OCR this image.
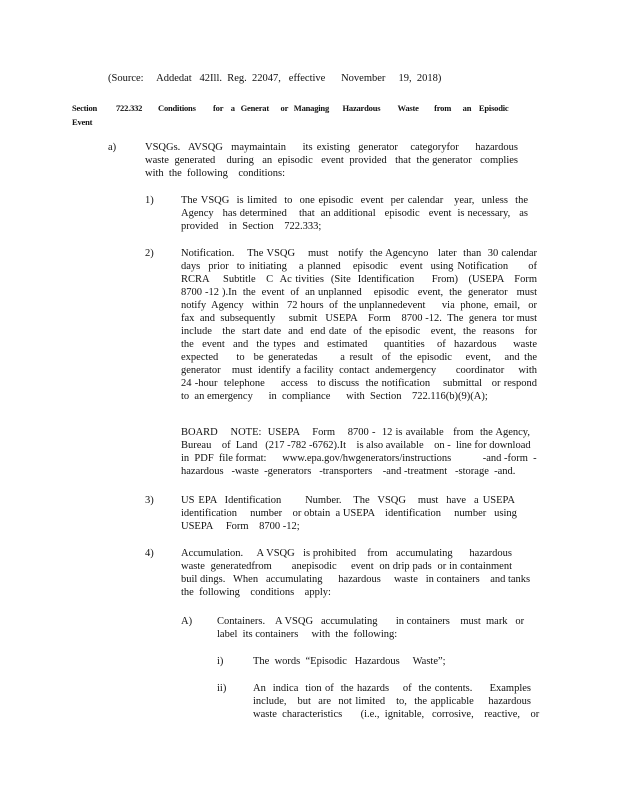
(Source:     Addedat   42Ill.  Reg.  22047,   effective      November     19,  2018)
Section 722.332 Conditions         for    a   Generat      or   Managing       Hazardous         Waste        from      an    Episodic
Event
a)	VSQGs.  AVSQG  maymaintain    its existing  generator   categoryfor    hazardous
waste  generated    during   an  episodic   event  provided   that  the generator   complies
with  the  following    conditions:
1)	The VSQG  is limited  to  one episodic  event  per calendar   year,  unless  the
Agency   has determined    that  an additional   episodic   event  is necessary,   as
provided    in  Section    722.333;
2)	Notification.    The VSQG    must   notify  the Agencyno   later  than  30 calendar
days  prior  to initiating   a planned   episodic   event  using Notification     of
RCRA    Subtitle   C  Ac tivities  (Site  Identification     From)   (USEPA   Form
8700 -12 ).In  the  event  of  an unplanned    episodic   event,  the  generator   must
notify  Agency   within   72 hours  of  the unplannedevent      via  phone,  email,   or
fax  and  subsequently     submit   USEPA    Form    8700 -12.  The  genera  tor must
include   the  start date  and  end date  of  the episodic   event,  the  reasons   for
the  event  and  the types  and  estimated    quantities   of  hazardous    waste
expected    to  be generatedas     a result  of  the episodic   event,   and the
generator    must  identify  a facility  contact  andemergency       coordinator     with
24 -hour  telephone     access   to discuss  the notification    submittal   or respond
to  an emergency      in  compliance      with  Section    722.116(b)(9)(A);
BOARD    NOTE:  USEPA    Form    8700 -  12 is available   from  the Agency,
Bureau    of  Land   (217 -782 -6762).It    is also available    on -  line for download
in  PDF  file format:      www.epa.gov/hwgenerators/instructions            -and -form  -
hazardous   -waste  -generators   -transporters    -and -treatment   -storage  -and.
3)	US EPA  Identification      Number.   The  VSQG   must  have  a USEPA
identification     number    or obtain  a USEPA    identification     number   using
USEPA     Form    8700 -12;
4)	Accumulation.     A VSQG   is prohibited    from   accumulating      hazardous
waste  generatedfrom       anepisodic     event  on drip pads  or in containment
buil dings.   When   accumulating      hazardous     waste   in containers    and tanks
the  following    conditions    apply:
A) Containers.    A VSQG   accumulating       in containers    must  mark   or
label  its containers     with  the  following:
i)	The  words  “Episodic   Hazardous     Waste”;
ii)	An  indica  tion of  the hazards    of  the contents.     Examples
include,   but  are  not limited   to,  the applicable    hazardous
waste  characteristics       (i.e.,  ignitable,   corrosive,    reactive,    or
